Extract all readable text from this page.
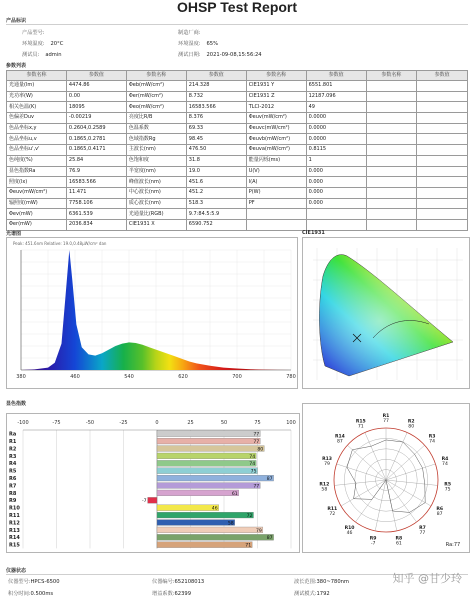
OHSP Test Report
产品标识
产品型号:	制造厂商:
环境温度: 20°C	环境湿度: 65%
测试员: admin	测试日期: 2021-09-08,15:56:24
参数列表
参数名称	参数值	参数名称	参数值	参数名称	参数值	参数名称	参数值
光通量(lm)	4474.86	Φeb(mW/cm²)	214.328	CIE1931 Y	6551.801		
光功率(W)	0.00	Φer(mW/cm²)	8.732	CIE1931 Z	12187.096		
相关色温(K)	18095	Φeo(mW/cm²)	16583.566	TLCI-2012	49		
色偏差Duv	-0.00219	亮度比R/B	8.376	Φeuv(mW/cm²)	0.0000		
色品坐标x,y	0.2604,0.2589	色温系数	69.33	Φeuvc(mW/cm²)	0.0000		
色品坐标u,v	0.1865,0.2781	色域指数Rg	98.45	Φeuvb(mW/cm²)	0.0000		
色品坐标u',v'	0.1865,0.4171	主波长(nm)	476.50	Φeuva(mW/cm²)	0.8115		
色纯度(%)	25.84	色饱和度	31.8	能量闪烁(ms)	1		
显色指数Ra	76.9	半宽度(nm)	19.0	U(V)	0.000		
照度(lx)	16583.566	峰值波长(nm)	451.6	I(A)	0.000		
Φeuv(mW/cm²)	11.471	中心波长(nm)	451.2	P(W)	0.000		
辐照度(mW)	7758.106	质心波长(nm)	518.3	PF	0.000		
Φev(mW)	6361.539	光通量比(RGB)	9.7:84.5:5.9				
Φer(mW)	2036.834	CIE1931 X	6590.752				
光谱图	CIE1931
Peak: 451.6nm Relative: 19.0,0.48μW/cm² dan
380	460	540	620	700	780
显色指数
-100	-75	-50	-25	0	25	50	75	100
Ra	77
R1	77
R2	80
R3	74
R4	74
R5	75
R6	87
R7	77
R8	61
R9	-7
R10	46
R11	72
R12	58
R13	79
R14	87
R15	71
R1
77	R2
80
R3
74
R4
74
R5
75
R6
87
R7
77
R8
61
R9
-7
R10
46
R11
72
R12
58
R13
79
R14
87
R15
71
Ra:77
仪器状态
仪器型号:HPCS-6500	仪器编号:652108013	波长范围:380~780nm
积分时间:0.500ms	增益系数:62399	测试模式:1792
知乎 @甘少玲
